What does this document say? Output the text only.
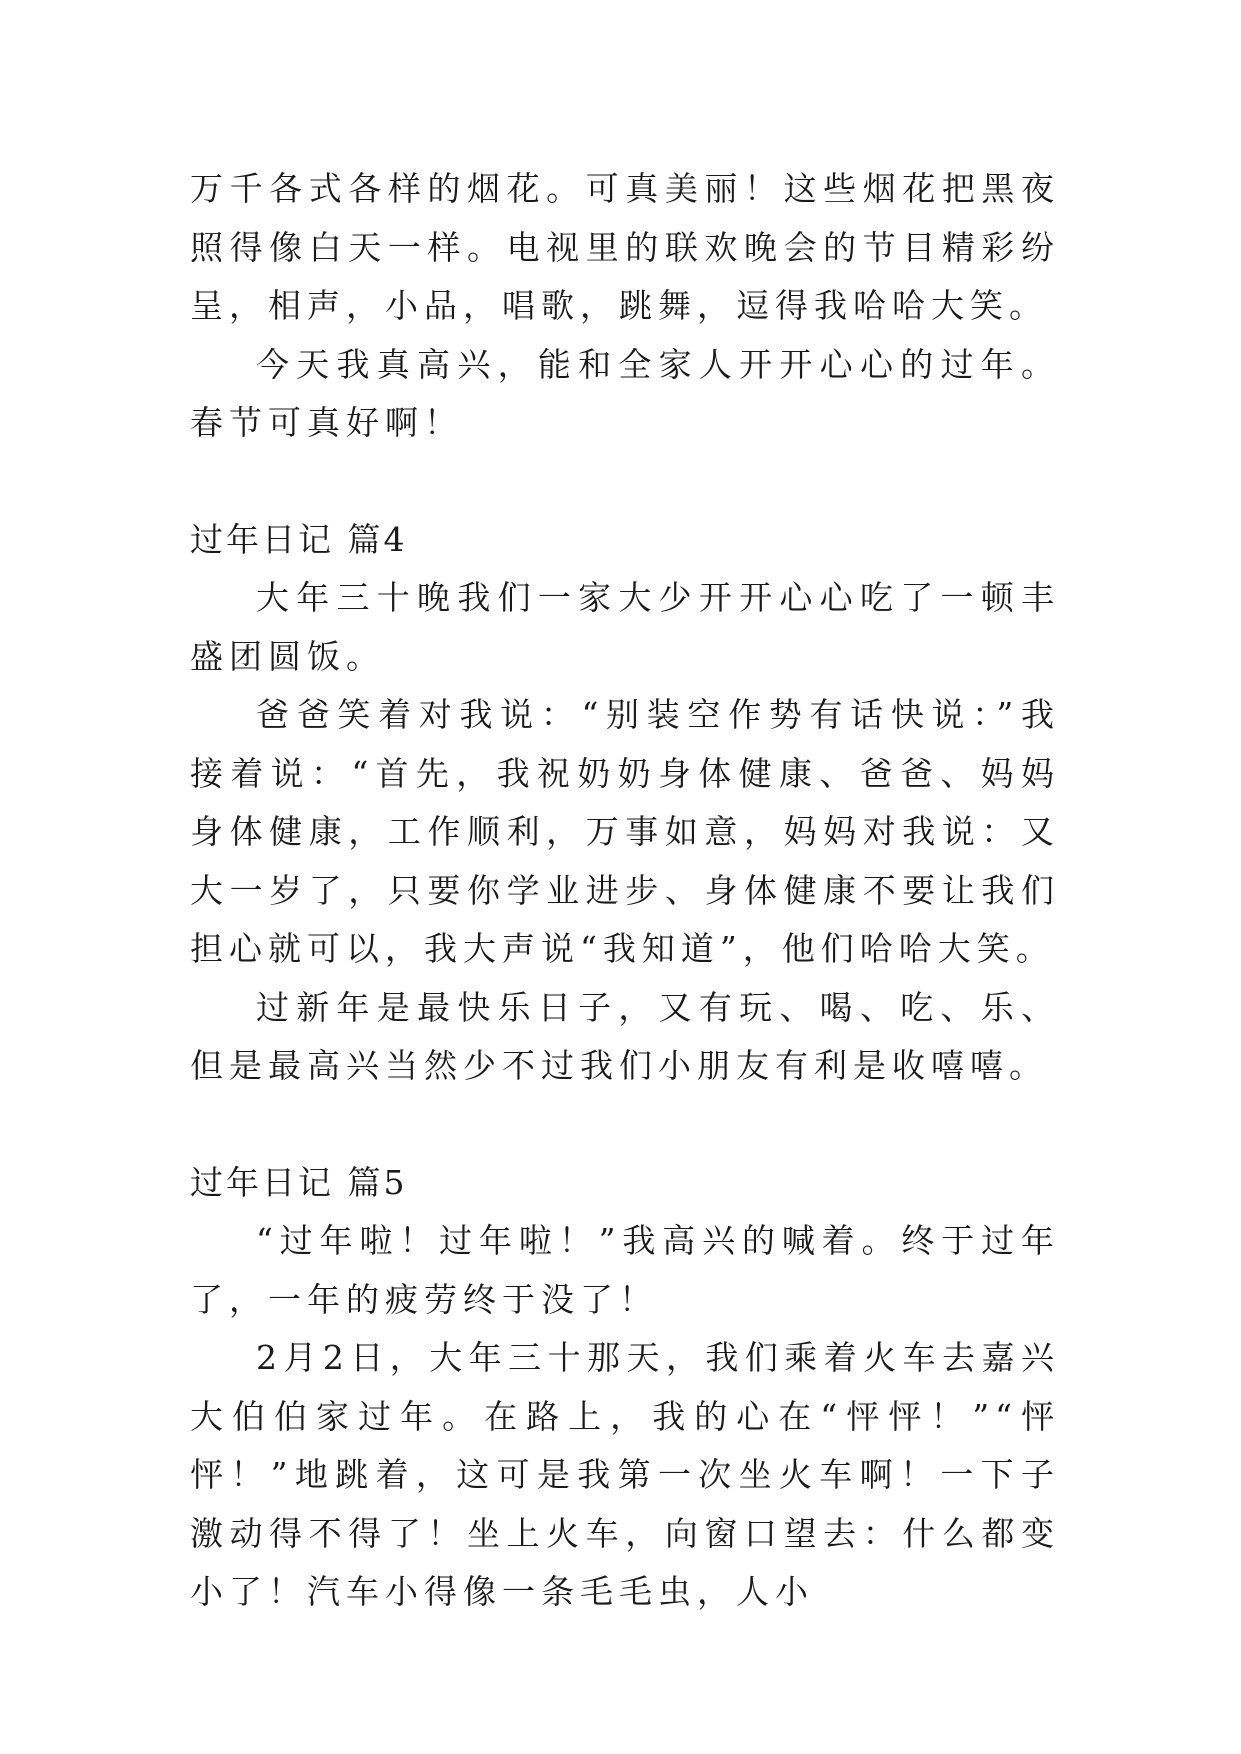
万千各式各样的烟花。可真美丽！这些烟花把黑夜照得像白天一样。电视里的联欢晚会的节目精彩纷呈，相声，小品，唱歌，跳舞，逗得我哈哈大笑。

今天我真高兴，能和全家人开开心心的过年。春节可真好啊！

过年日记 篇4

大年三十晚我们一家大少开开心心吃了一顿丰盛团圆饭。

爸爸笑着对我说：“别装空作势有话快说：”我接着说：“首先，我祝奶奶身体健康、爸爸、妈妈身体健康，工作顺利，万事如意，妈妈对我说：又大一岁了，只要你学业进步、身体健康不要让我们担心就可以，我大声说“我知道”，他们哈哈大笑。

过新年是最快乐日子，又有玩、喝、吃、乐、但是最高兴当然少不过我们小朋友有利是收嘻嘻。

过年日记 篇5

“过年啦！过年啦！”我高兴的喊着。终于过年了，一年的疲劳终于没了！

2月2日，大年三十那天，我们乘着火车去嘉兴大伯伯家过年。在路上，我的心在“怦怦！”“怦怦！”地跳着，这可是我第一次坐火车啊！一下子激动得不得了！坐上火车，向窗口望去：什么都变小了！汽车小得像一条毛毛虫，人小
